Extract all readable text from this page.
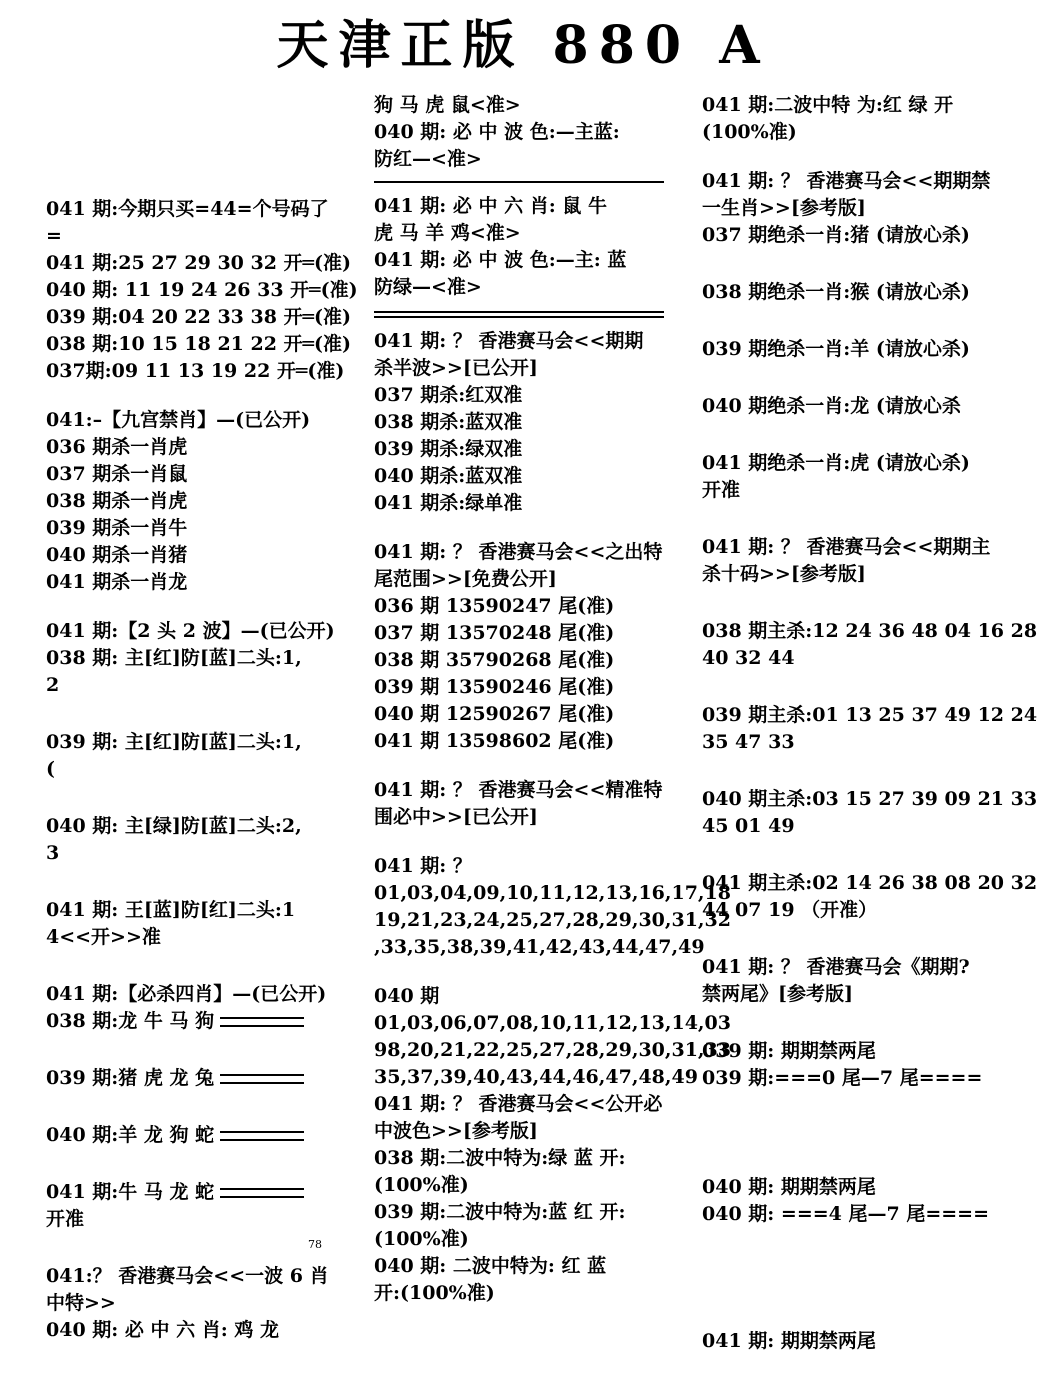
天津正版 880 A
041 期:今期只买=44=个号码了
=
041 期:25 27 29 30 32 开═(准)
040 期: 11 19 24 26 33 开═(准)
039 期:04 20 22 33 38 开═(准)
038 期:10 15 18 21 22 开═(准)
037期:09 11 13 19 22 开═(准)
041:–【九宫禁肖】—(已公开)
036 期杀一肖虎
037 期杀一肖鼠
038 期杀一肖虎
039 期杀一肖牛
040 期杀一肖猪
041 期杀一肖龙
041 期:【2 头 2 波】—(已公开)
038 期: 主[红]防[蓝]二头:1,
2
039 期: 主[红]防[蓝]二头:1,
(
040 期: 主[绿]防[蓝]二头:2,
3
041 期: 王[蓝]防[红]二头:1
4<<开>>准
041 期:【必杀四肖】—(已公开)
038 期:龙 牛 马 狗
039 期:猪 虎 龙 兔
040 期:羊 龙 狗 蛇
041 期:牛 马 龙 蛇
开准
041:？ 香港赛马会<<一波 6 肖
中特>>
040 期: 必 中 六 肖: 鸡 龙
78
狗 马 虎 鼠<准>
040 期: 必 中 波 色:—主蓝:
防红—<准>
041 期: 必 中 六 肖: 鼠 牛
虎 马 羊 鸡<准>
041 期: 必 中 波 色:—主: 蓝
防绿—<准>
041 期: ？ 香港赛马会<<期期
杀半波>>[已公开]
037 期杀:红双准
038 期杀:蓝双准
039 期杀:绿双准
040 期杀:蓝双准
041 期杀:绿单准
041 期: ？ 香港赛马会<<之出特
尾范围>>[免费公开]
036 期 13590247 尾(准)
037 期 13570248 尾(准)
038 期 35790268 尾(准)
039 期 13590246 尾(准)
040 期 12590267 尾(准)
041 期 13598602 尾(准)
041 期: ？ 香港赛马会<<精准特
围必中>>[已公开]
041 期: ？
01,03,04,09,10,11,12,13,16,17,18
19,21,23,24,25,27,28,29,30,31,32
,33,35,38,39,41,42,43,44,47,49
040 期
01,03,06,07,08,10,11,12,13,14,03
98,20,21,22,25,27,28,29,30,31,33
35,37,39,40,43,44,46,47,48,49
041 期: ？ 香港赛马会<<公开必
中波色>>[参考版]
038 期:二波中特为:绿 蓝 开:
(100%准)
039 期:二波中特为:蓝 红 开:
(100%准)
040 期: 二波中特为: 红 蓝
开:(100%准)
041 期:二波中特 为:红 绿 开
(100%准)
041 期: ？ 香港赛马会<<期期禁
一生肖>>[参考版]
037 期绝杀一肖:猪 (请放心杀)
038 期绝杀一肖:猴 (请放心杀)
039 期绝杀一肖:羊 (请放心杀)
040 期绝杀一肖:龙 (请放心杀
041 期绝杀一肖:虎 (请放心杀)
开准
041 期: ？ 香港赛马会<<期期主
杀十码>>[参考版]
038 期主杀:12 24 36 48 04 16 28
40 32 44
039 期主杀:01 13 25 37 49 12 24
35 47 33
040 期主杀:03 15 27 39 09 21 33
45 01 49
041 期主杀:02 14 26 38 08 20 32
44 07 19 （开准）
041 期: ？ 香港赛马会《期期?
禁两尾》[参考版]
039 期: 期期禁两尾
039 期:===0 尾—7 尾====
040 期: 期期禁两尾
040 期: ===4 尾—7 尾====
041 期: 期期禁两尾
